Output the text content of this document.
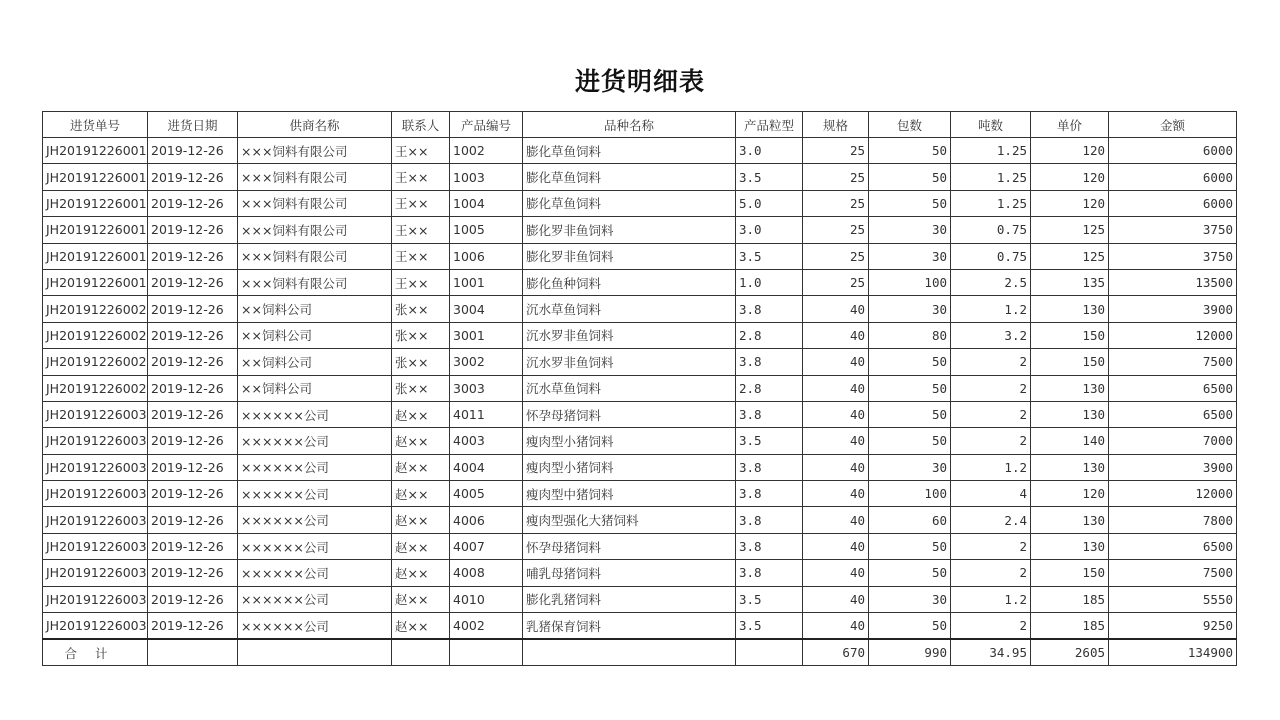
进货明细表
进货单号	进货日期	供商名称	联系人	产品编号	品种名称	产品粒型	规格	包数	吨数	单价	金额
JH20191226001	2019-12-26	×××饲料有限公司	王××	1002	膨化草鱼饲料	3.0	25	50	1.25	120	6000
JH20191226001	2019-12-26	×××饲料有限公司	王××	1003	膨化草鱼饲料	3.5	25	50	1.25	120	6000
JH20191226001	2019-12-26	×××饲料有限公司	王××	1004	膨化草鱼饲料	5.0	25	50	1.25	120	6000
JH20191226001	2019-12-26	×××饲料有限公司	王××	1005	膨化罗非鱼饲料	3.0	25	30	0.75	125	3750
JH20191226001	2019-12-26	×××饲料有限公司	王××	1006	膨化罗非鱼饲料	3.5	25	30	0.75	125	3750
JH20191226001	2019-12-26	×××饲料有限公司	王××	1001	膨化鱼种饲料	1.0	25	100	2.5	135	13500
JH20191226002	2019-12-26	××饲料公司	张××	3004	沉水草鱼饲料	3.8	40	30	1.2	130	3900
JH20191226002	2019-12-26	××饲料公司	张××	3001	沉水罗非鱼饲料	2.8	40	80	3.2	150	12000
JH20191226002	2019-12-26	××饲料公司	张××	3002	沉水罗非鱼饲料	3.8	40	50	2	150	7500
JH20191226002	2019-12-26	××饲料公司	张××	3003	沉水草鱼饲料	2.8	40	50	2	130	6500
JH20191226003	2019-12-26	××××××公司	赵××	4011	怀孕母猪饲料	3.8	40	50	2	130	6500
JH20191226003	2019-12-26	××××××公司	赵××	4003	瘦肉型小猪饲料	3.5	40	50	2	140	7000
JH20191226003	2019-12-26	××××××公司	赵××	4004	瘦肉型小猪饲料	3.8	40	30	1.2	130	3900
JH20191226003	2019-12-26	××××××公司	赵××	4005	瘦肉型中猪饲料	3.8	40	100	4	120	12000
JH20191226003	2019-12-26	××××××公司	赵××	4006	瘦肉型强化大猪饲料	3.8	40	60	2.4	130	7800
JH20191226003	2019-12-26	××××××公司	赵××	4007	怀孕母猪饲料	3.8	40	50	2	130	6500
JH20191226003	2019-12-26	××××××公司	赵××	4008	哺乳母猪饲料	3.8	40	50	2	150	7500
JH20191226003	2019-12-26	××××××公司	赵××	4010	膨化乳猪饲料	3.5	40	30	1.2	185	5550
JH20191226003	2019-12-26	××××××公司	赵××	4002	乳猪保育饲料	3.5	40	50	2	185	9250
合计							670	990	34.95	2605	134900
